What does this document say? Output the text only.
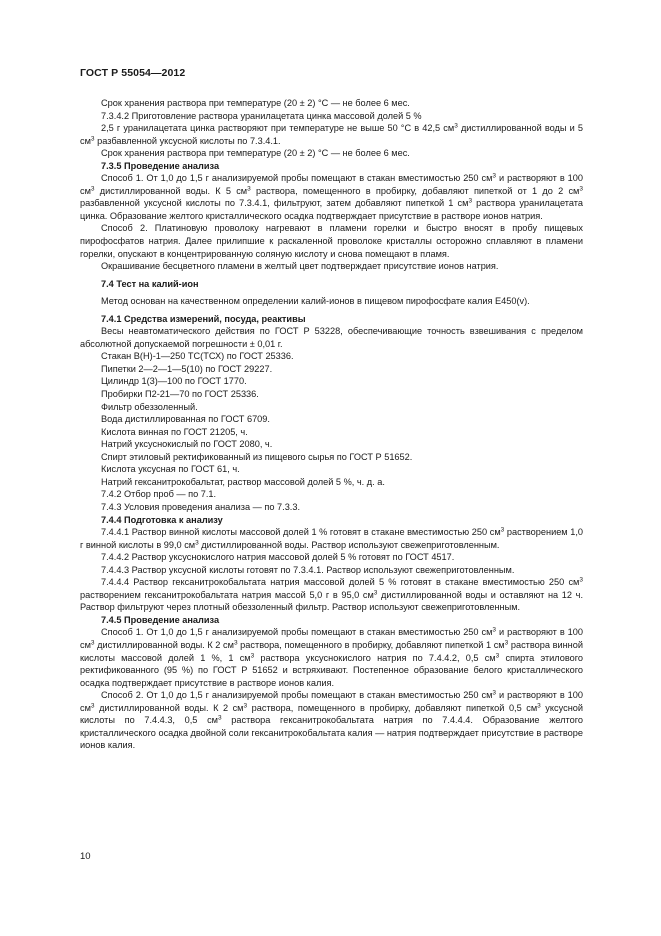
ГОСТ Р 55054—2012

Срок хранения раствора при температуре (20 ± 2) °С — не более 6 мес.

7.3.4.2 Приготовление раствора уранилацетата цинка массовой долей 5 %

2,5 г уранилацетата цинка растворяют при температуре не выше 50 °С в 42,5 $см^3$ дистиллированной воды и 5 $см^3$ разбавленной уксусной кислоты по 7.3.4.1.

Срок хранения раствора при температуре (20 ± 2) °С — не более 6 мес.

7.3.5 Проведение анализа

Способ 1. От 1,0 до 1,5 г анализируемой пробы помещают в стакан вместимостью 250 $см^3$ и растворяют в 100 $см^3$ дистиллированной воды. К 5 $см^3$ раствора, помещенного в пробирку, добавляют пипеткой от 1 до 2 $см^3$ разбавленной уксусной кислоты по 7.3.4.1, фильтруют, затем добавляют пипеткой 1 $см^3$ раствора уранилацетата цинка. Образование желтого кристаллического осадка подтверждает присутствие в растворе ионов натрия.

Способ 2. Платиновую проволоку нагревают в пламени горелки и быстро вносят в пробу пищевых пирофосфатов натрия. Далее прилипшие к раскаленной проволоке кристаллы осторожно сплавляют в пламени горелки, опускают в концентрированную соляную кислоту и снова помещают в пламя.

Окрашивание бесцветного пламени в желтый цвет подтверждает присутствие ионов натрия.

7.4 Тест на калий-ион

Метод основан на качественном определении калий-ионов в пищевом пирофосфате калия Е450(v).

7.4.1 Средства измерений, посуда, реактивы

Весы неавтоматического действия по ГОСТ Р 53228, обеспечивающие точность взвешивания с пределом абсолютной допускаемой погрешности ± 0,01 г.

Стакан В(Н)-1—250 ТС(ТСХ) по ГОСТ 25336.

Пипетки 2—2—1—5(10) по ГОСТ 29227.

Цилиндр 1(3)—100 по ГОСТ 1770.

Пробирки П2-21—70 по ГОСТ 25336.

Фильтр обеззоленный.

Вода дистиллированная по ГОСТ 6709.

Кислота винная по ГОСТ 21205, ч.

Натрий уксуснокислый по ГОСТ 2080, ч.

Спирт этиловый ректификованный из пищевого сырья по ГОСТ Р 51652.

Кислота уксусная по ГОСТ 61, ч.

Натрий гексанитрокобальтат, раствор массовой долей 5 %, ч. д. а.

7.4.2 Отбор проб — по 7.1.

7.4.3 Условия проведения анализа — по 7.3.3.

7.4.4 Подготовка к анализу

7.4.4.1 Раствор винной кислоты массовой долей 1 % готовят в стакане вместимостью 250 $см^3$ растворением 1,0 г винной кислоты в 99,0 $см^3$ дистиллированной воды. Раствор используют свежеприготовленным.

7.4.4.2 Раствор уксуснокислого натрия массовой долей 5 % готовят по ГОСТ 4517.

7.4.4.3 Раствор уксусной кислоты готовят по 7.3.4.1. Раствор используют свежеприготовленным.

7.4.4.4 Раствор гексанитрокобальтата натрия массовой долей 5 % готовят в стакане вместимостью 250 $см^3$ растворением гексанитрокобальтата натрия массой 5,0 г в 95,0 $см^3$ дистиллированной воды и оставляют на 12 ч. Раствор фильтруют через плотный обеззоленный фильтр. Раствор используют свежеприготовленным.

7.4.5 Проведение анализа

Способ 1. От 1,0 до 1,5 г анализируемой пробы помещают в стакан вместимостью 250 $см^3$ и растворяют в 100 $см^3$ дистиллированной воды. К 2 $см^3$ раствора, помещенного в пробирку, добавляют пипеткой 1 $см^3$ раствора винной кислоты массовой долей 1 %, 1 $см^3$ раствора уксуснокислого натрия по 7.4.4.2, 0,5 $см^3$ спирта этилового ректификованного (95 %) по ГОСТ Р 51652 и встряхивают. Постепенное образование белого кристаллического осадка подтверждает присутствие в растворе ионов калия.

Способ 2. От 1,0 до 1,5 г анализируемой пробы помещают в стакан вместимостью 250 $см^3$ и растворяют в 100 $см^3$ дистиллированной воды. К 2 $см^3$ раствора, помещенного в пробирку, добавляют пипеткой 0,5 $см^3$ уксусной кислоты по 7.4.4.3, 0,5 $см^3$ раствора гексанитрокобальтата натрия по 7.4.4.4. Образование желтого кристаллического осадка двойной соли гексанитрокобальтата калия — натрия подтверждает присутствие в растворе ионов калия.

10
